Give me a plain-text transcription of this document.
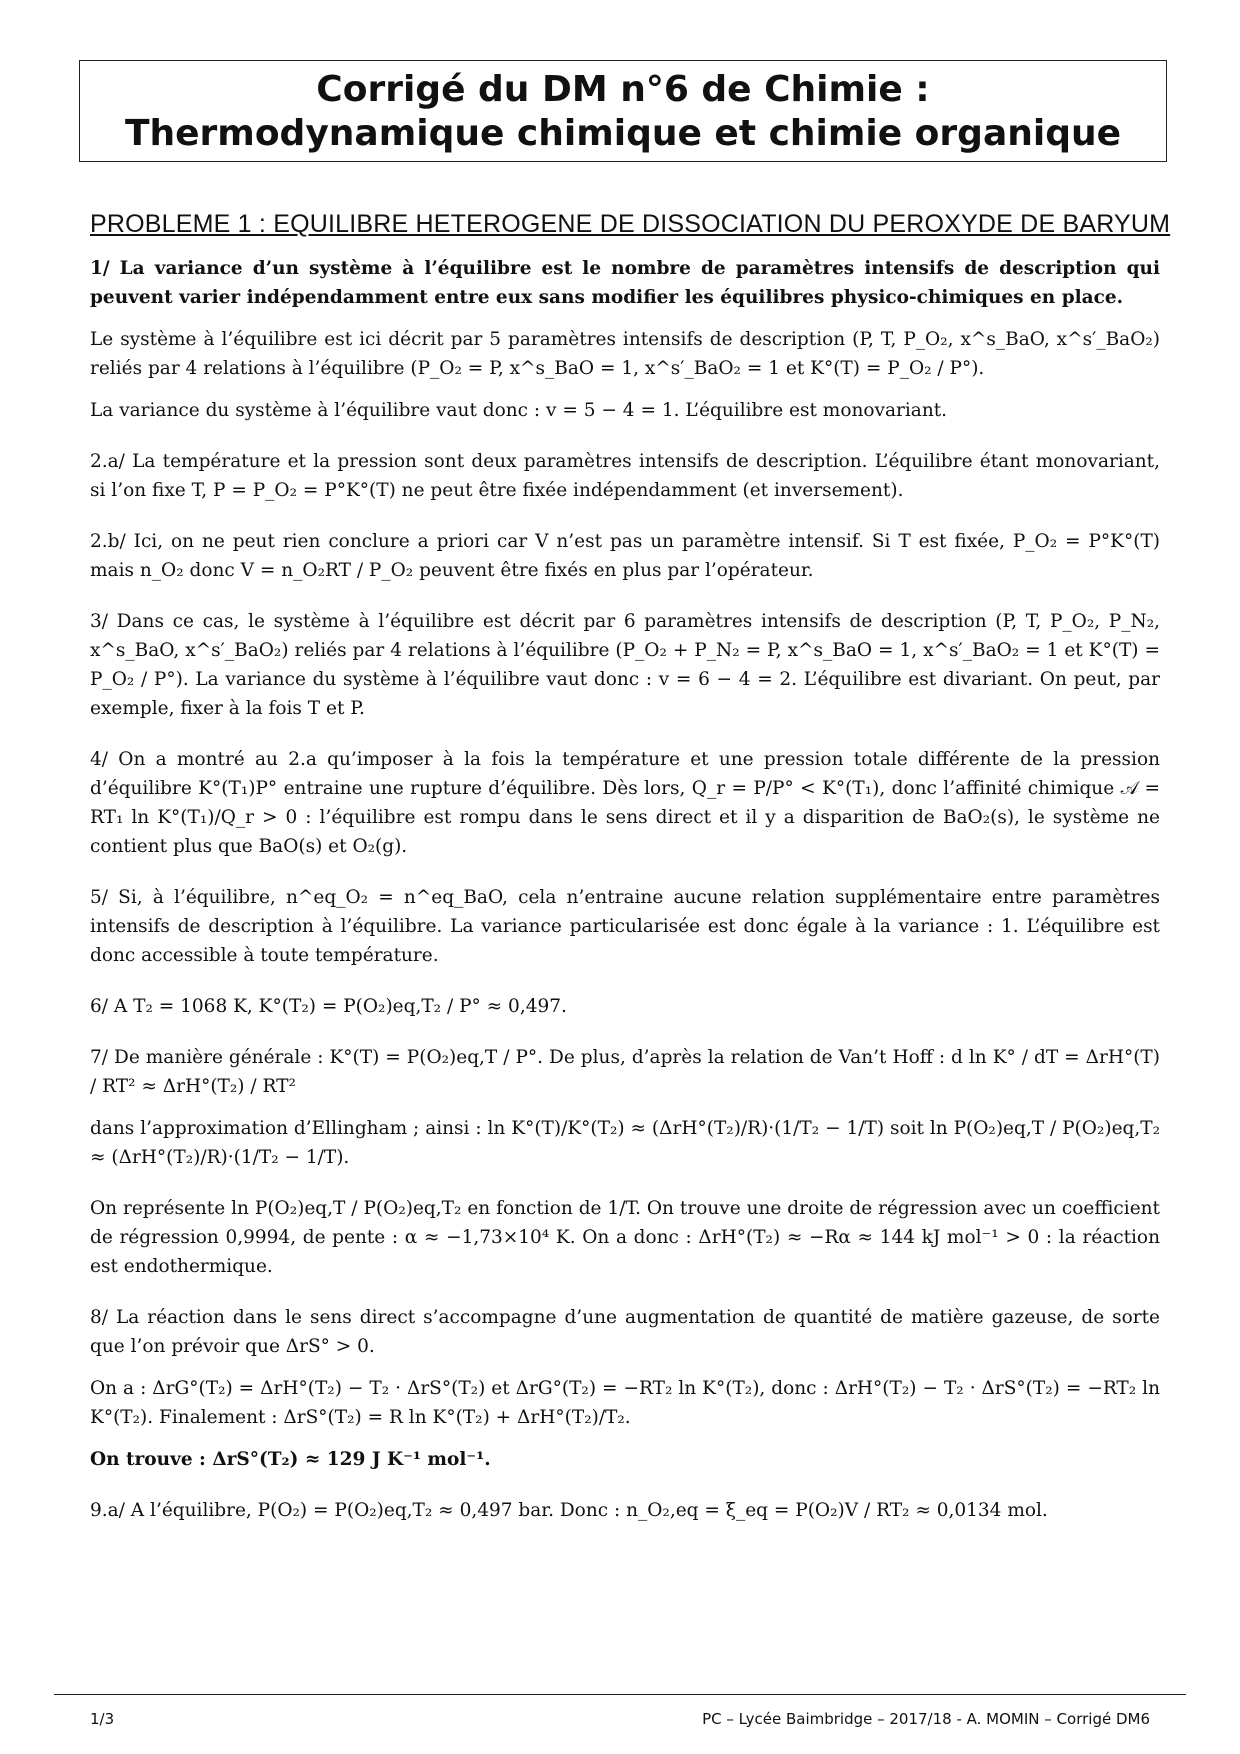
Corrigé du DM n°6 de Chimie :
Thermodynamique chimique et chimie organique
PROBLEME 1 : EQUILIBRE HETEROGENE DE DISSOCIATION DU PEROXYDE DE BARYUM

1/ La variance d’un système à l’équilibre est le nombre de paramètres intensifs de description qui peuvent varier indépendamment entre eux sans modifier les équilibres physico-chimiques en place.

Le système à l’équilibre est ici décrit par 5 paramètres intensifs de description (P, T, P_O₂, x^s_BaO, x^s′_BaO₂) reliés par 4 relations à l’équilibre (P_O₂ = P, x^s_BaO = 1, x^s′_BaO₂ = 1 et K°(T) = P_O₂ / P°).

La variance du système à l’équilibre vaut donc : v = 5 − 4 = 1. L’équilibre est monovariant.

2.a/ La température et la pression sont deux paramètres intensifs de description. L’équilibre étant monovariant, si l’on fixe T, P = P_O₂ = P°K°(T) ne peut être fixée indépendamment (et inversement).

2.b/ Ici, on ne peut rien conclure a priori car V n’est pas un paramètre intensif. Si T est fixée, P_O₂ = P°K°(T) mais n_O₂ donc V = n_O₂RT / P_O₂ peuvent être fixés en plus par l’opérateur.

3/ Dans ce cas, le système à l’équilibre est décrit par 6 paramètres intensifs de description (P, T, P_O₂, P_N₂, x^s_BaO, x^s′_BaO₂) reliés par 4 relations à l’équilibre (P_O₂ + P_N₂ = P, x^s_BaO = 1, x^s′_BaO₂ = 1 et K°(T) = P_O₂ / P°). La variance du système à l’équilibre vaut donc : v = 6 − 4 = 2. L’équilibre est divariant. On peut, par exemple, fixer à la fois T et P.

4/ On a montré au 2.a qu’imposer à la fois la température et une pression totale différente de la pression d’équilibre K°(T₁)P° entraine une rupture d’équilibre. Dès lors, Q_r = P/P° < K°(T₁), donc l’affinité chimique 𝒜 = RT₁ ln K°(T₁)/Q_r > 0 : l’équilibre est rompu dans le sens direct et il y a disparition de BaO₂(s), le système ne contient plus que BaO(s) et O₂(g).

5/ Si, à l’équilibre, n^eq_O₂ = n^eq_BaO, cela n’entraine aucune relation supplémentaire entre paramètres intensifs de description à l’équilibre. La variance particularisée est donc égale à la variance : 1. L’équilibre est donc accessible à toute température.

6/ A T₂ = 1068 K, K°(T₂) = P(O₂)eq,T₂ / P° ≈ 0,497.

7/ De manière générale : K°(T) = P(O₂)eq,T / P°. De plus, d’après la relation de Van’t Hoff : d ln K° / dT = ΔrH°(T) / RT² ≈ ΔrH°(T₂) / RT²

dans l’approximation d’Ellingham ; ainsi : ln K°(T)/K°(T₂) ≈ (ΔrH°(T₂)/R)·(1/T₂ − 1/T) soit ln P(O₂)eq,T / P(O₂)eq,T₂ ≈ (ΔrH°(T₂)/R)·(1/T₂ − 1/T).

On représente ln P(O₂)eq,T / P(O₂)eq,T₂ en fonction de 1/T. On trouve une droite de régression avec un coefficient de régression 0,9994, de pente : α ≈ −1,73×10⁴ K. On a donc : ΔrH°(T₂) ≈ −Rα ≈ 144 kJ mol⁻¹ > 0 : la réaction est endothermique.

8/ La réaction dans le sens direct s’accompagne d’une augmentation de quantité de matière gazeuse, de sorte que l’on prévoir que ΔrS° > 0.

On a : ΔrG°(T₂) = ΔrH°(T₂) − T₂ · ΔrS°(T₂) et ΔrG°(T₂) = −RT₂ ln K°(T₂), donc : ΔrH°(T₂) − T₂ · ΔrS°(T₂) = −RT₂ ln K°(T₂). Finalement : ΔrS°(T₂) = R ln K°(T₂) + ΔrH°(T₂)/T₂.

On trouve : ΔrS°(T₂) ≈ 129 J K⁻¹ mol⁻¹.

9.a/ A l’équilibre, P(O₂) = P(O₂)eq,T₂ ≈ 0,497 bar. Donc : n_O₂,eq = ξ_eq = P(O₂)V / RT₂ ≈ 0,0134 mol.

1/3	PC – Lycée Baimbridge – 2017/18 - A. MOMIN – Corrigé DM6
